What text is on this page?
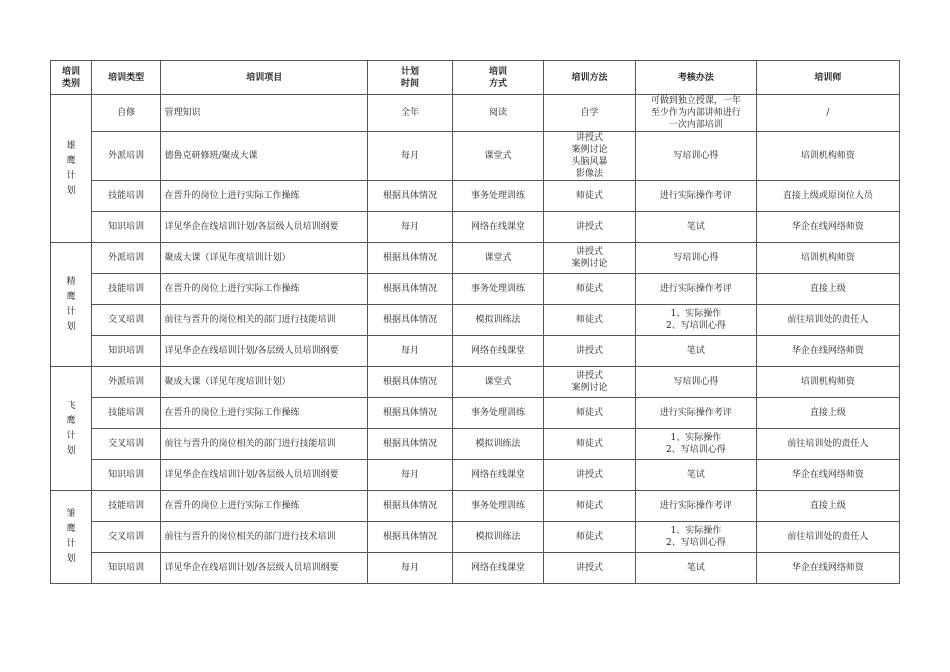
培训
类别	培训类型	培训项目	计划
时间	培训
方式	培训方法	考核办法	培训师
雄
鹰
计
划	自修	管理知识	全年	阅读	自学	可做到独立授课，一年
至少作为内部讲师进行
一次内部培训	/
	外派培训	德鲁克研修班/聚成大课	每月	课堂式	讲授式
案例讨论
头脑风暴
影像法	写培训心得	培训机构师资
	技能培训	在晋升的岗位上进行实际工作操练	根据具体情况	事务处理训练	师徒式	进行实际操作考评	直接上级或原岗位人员
	知识培训	详见华企在线培训计划/各层级人员培训纲要	每月	网络在线课堂	讲授式	笔试	华企在线网络师资
精
鹰
计
划	外派培训	聚成大课（详见年度培训计划）	根据具体情况	课堂式	讲授式
案例讨论	写培训心得	培训机构师资
	技能培训	在晋升的岗位上进行实际工作操练	根据具体情况	事务处理训练	师徒式	进行实际操作考评	直接上级
	交叉培训	前往与晋升的岗位相关的部门进行技能培训	根据具体情况	模拟训练法	师徒式	1、实际操作
2、写培训心得	前往培训处的责任人
	知识培训	详见华企在线培训计划/各层级人员培训纲要	每月	网络在线课堂	讲授式	笔试	华企在线网络师资
飞
鹰
计
划	外派培训	聚成大课（详见年度培训计划）	根据具体情况	课堂式	讲授式
案例讨论	写培训心得	培训机构师资
	技能培训	在晋升的岗位上进行实际工作操练	根据具体情况	事务处理训练	师徒式	进行实际操作考评	直接上级
	交叉培训	前往与晋升的岗位相关的部门进行技能培训	根据具体情况	模拟训练法	师徒式	1、实际操作
2、写培训心得	前往培训处的责任人
	知识培训	详见华企在线培训计划/各层级人员培训纲要	每月	网络在线课堂	讲授式	笔试	华企在线网络师资
雏
鹰
计
划	技能培训	在晋升的岗位上进行实际工作操练	根据具体情况	事务处理训练	师徒式	进行实际操作考评	直接上级
	交叉培训	前往与晋升的岗位相关的部门进行技术培训	根据具体情况	模拟训练法	师徒式	1、实际操作
2、写培训心得	前往培训处的责任人
	知识培训	详见华企在线培训计划/各层级人员培训纲要	每月	网络在线课堂	讲授式	笔试	华企在线网络师资
